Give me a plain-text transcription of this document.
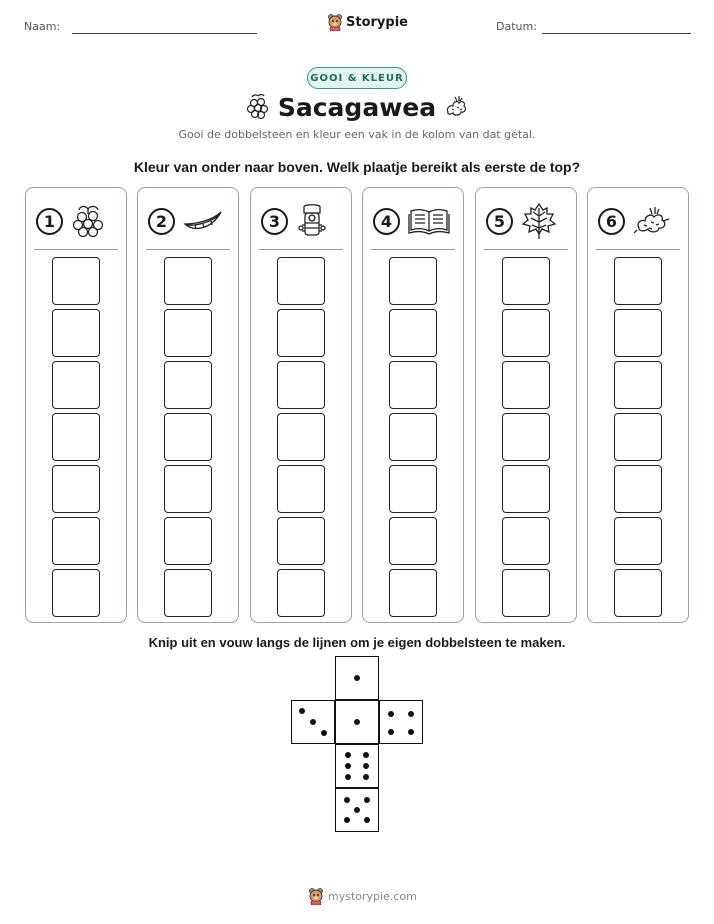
Naam:	Storypie	Datum:
GOOI & KLEUR
Sacagawea
Gooi de dobbelsteen en kleur een vak in de kolom van dat getal.
Kleur van onder naar boven. Welk plaatje bereikt als eerste de top?
1	2	3	4	5	6
Knip uit en vouw langs de lijnen om je eigen dobbelsteen te maken.
mystorypie.com
